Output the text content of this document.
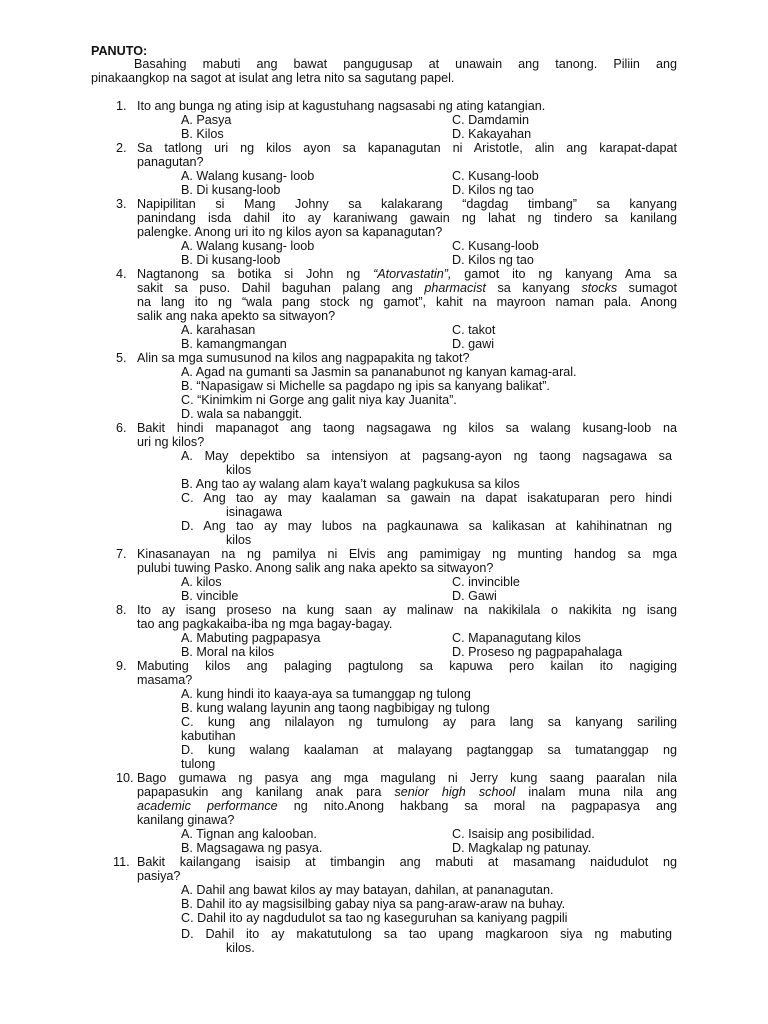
PANUTO:
Basahing mabuti ang bawat pangugusap at unawain ang tanong. Piliin ang
pinakaangkop na sagot at isulat ang letra nito sa sagutang papel.
1. Ito ang bunga ng ating isip at kagustuhang nagsasabi ng ating katangian.
A. Pasya	C. Damdamin
B. Kilos	D. Kakayahan
2. Sa tatlong uri ng kilos ayon sa kapanagutan ni Aristotle, alin ang karapat-dapat
panagutan?
A. Walang kusang- loob	C. Kusang-loob
B. Di kusang-loob	D. Kilos ng tao
3. Napipilitan si Mang Johny sa kalakarang “dagdag timbang” sa kanyang
panindang isda dahil ito ay karaniwang gawain ng lahat ng tindero sa kanilang
palengke. Anong uri ito ng kilos ayon sa kapanagutan?
A. Walang kusang- loob	C. Kusang-loob
B. Di kusang-loob	D. Kilos ng tao
4. Nagtanong sa botika si John ng “Atorvastatin”, gamot ito ng kanyang Ama sa
sakit sa puso. Dahil baguhan palang ang pharmacist sa kanyang stocks sumagot
na lang ito ng “wala pang stock ng gamot”, kahit na mayroon naman pala. Anong
salik ang naka apekto sa sitwayon?
A. karahasan	C. takot
B. kamangmangan	D. gawi
5. Alin sa mga sumusunod na kilos ang nagpapakita ng takot?
A. Agad na gumanti sa Jasmin sa pananabunot ng kanyan kamag-aral.
B. “Napasigaw si Michelle sa pagdapo ng ipis sa kanyang balikat”.
C. “Kinimkim ni Gorge ang galit niya kay Juanita”.
D. wala sa nabanggit.
6. Bakit hindi mapanagot ang taong nagsagawa ng kilos sa walang kusang-loob na
uri ng kilos?
A. May depektibo sa intensiyon at pagsang-ayon ng taong nagsagawa sa
kilos
B. Ang tao ay walang alam kaya’t walang pagkukusa sa kilos
C. Ang tao ay may kaalaman sa gawain na dapat isakatuparan pero hindi
isinagawa
D. Ang tao ay may lubos na pagkaunawa sa kalikasan at kahihinatnan ng
kilos
7. Kinasanayan na ng pamilya ni Elvis ang pamimigay ng munting handog sa mga
pulubi tuwing Pasko. Anong salik ang naka apekto sa sitwayon?
A. kilos	C. invincible
B. vincible	D. Gawi
8. Ito ay isang proseso na kung saan ay malinaw na nakikilala o nakikita ng isang
tao ang pagkakaiba-iba ng mga bagay-bagay.
A. Mabuting pagpapasya	C. Mapanagutang kilos
B. Moral na kilos	D. Proseso ng pagpapahalaga
9. Mabuting kilos ang palaging pagtulong sa kapuwa pero kailan ito nagiging
masama?
A. kung hindi ito kaaya-aya sa tumanggap ng tulong
B. kung walang layunin ang taong nagbibigay ng tulong
C. kung ang nilalayon ng tumulong ay para lang sa kanyang sariling
kabutihan
D. kung walang kaalaman at malayang pagtanggap sa tumatanggap ng
tulong
10. Bago gumawa ng pasya ang mga magulang ni Jerry kung saang paaralan nila
papapasukin ang kanilang anak para senior high school inalam muna nila ang
academic performance ng nito.Anong hakbang sa moral na pagpapasya ang
kanilang ginawa?
A. Tignan ang kalooban.	C. Isaisip ang posibilidad.
B. Magsagawa ng pasya.	D. Magkalap ng patunay.
11. Bakit kailangang isaisip at timbangin ang mabuti at masamang naidudulot ng
pasiya?
A. Dahil ang bawat kilos ay may batayan, dahilan, at pananagutan.
B. Dahil ito ay magsisilbing gabay niya sa pang-araw-araw na buhay.
C. Dahil ito ay nagdudulot sa tao ng kaseguruhan sa kaniyang pagpili
D. Dahil ito ay makatutulong sa tao upang magkaroon siya ng mabuting
kilos.
